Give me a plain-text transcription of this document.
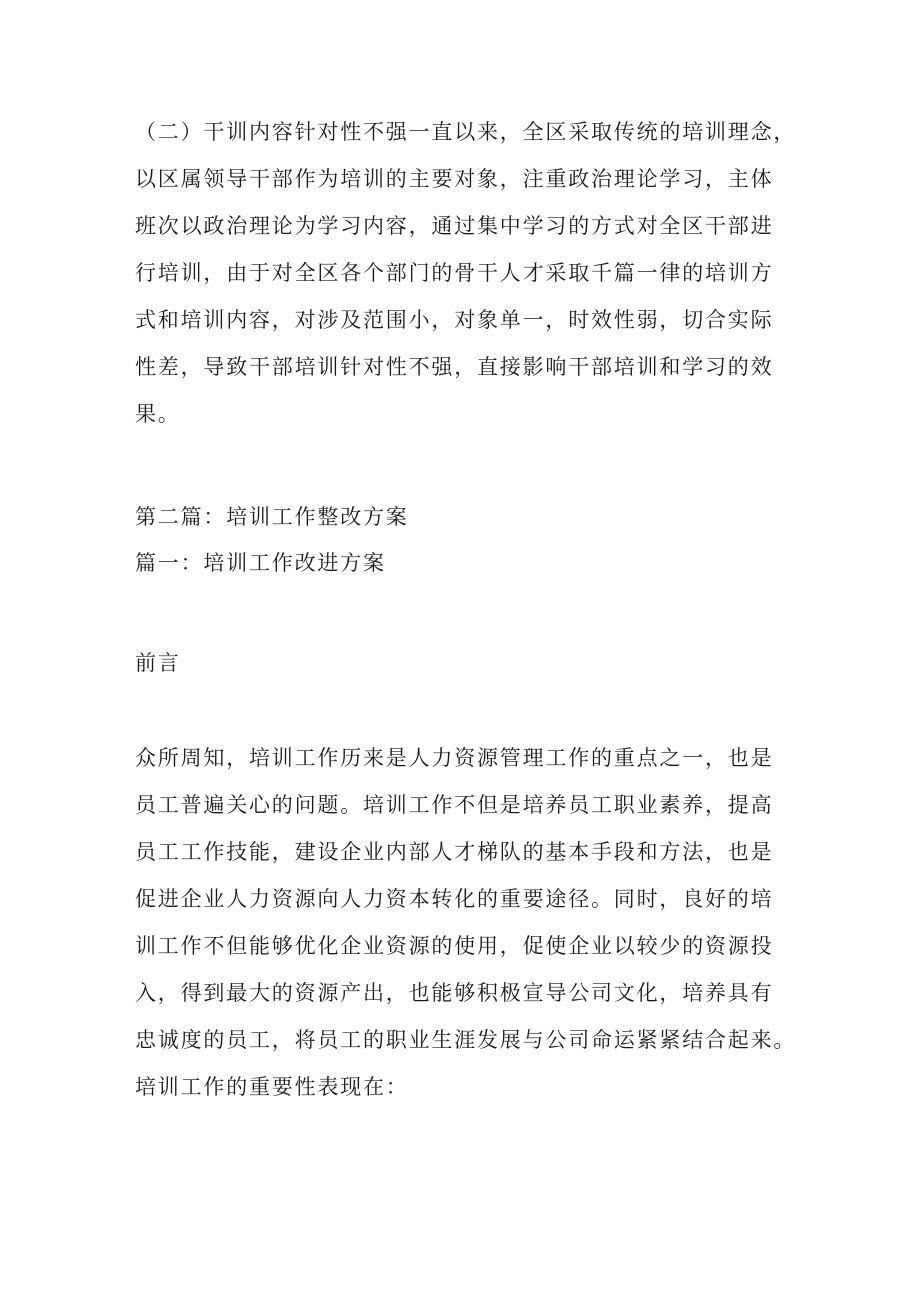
（二）干训内容针对性不强一直以来，全区采取传统的培训理念，
以区属领导干部作为培训的主要对象，注重政治理论学习，主体
班次以政治理论为学习内容，通过集中学习的方式对全区干部进
行培训，由于对全区各个部门的骨干人才采取千篇一律的培训方
式和培训内容，对涉及范围小，对象单一，时效性弱，切合实际
性差，导致干部培训针对性不强，直接影响干部培训和学习的效
果。
第二篇：培训工作整改方案
篇一：培训工作改进方案
前言
众所周知，培训工作历来是人力资源管理工作的重点之一，也是
员工普遍关心的问题。培训工作不但是培养员工职业素养，提高
员工工作技能，建设企业内部人才梯队的基本手段和方法，也是
促进企业人力资源向人力资本转化的重要途径。同时，良好的培
训工作不但能够优化企业资源的使用，促使企业以较少的资源投
入，得到最大的资源产出，也能够积极宣导公司文化，培养具有
忠诚度的员工，将员工的职业生涯发展与公司命运紧紧结合起来。
培训工作的重要性表现在：
